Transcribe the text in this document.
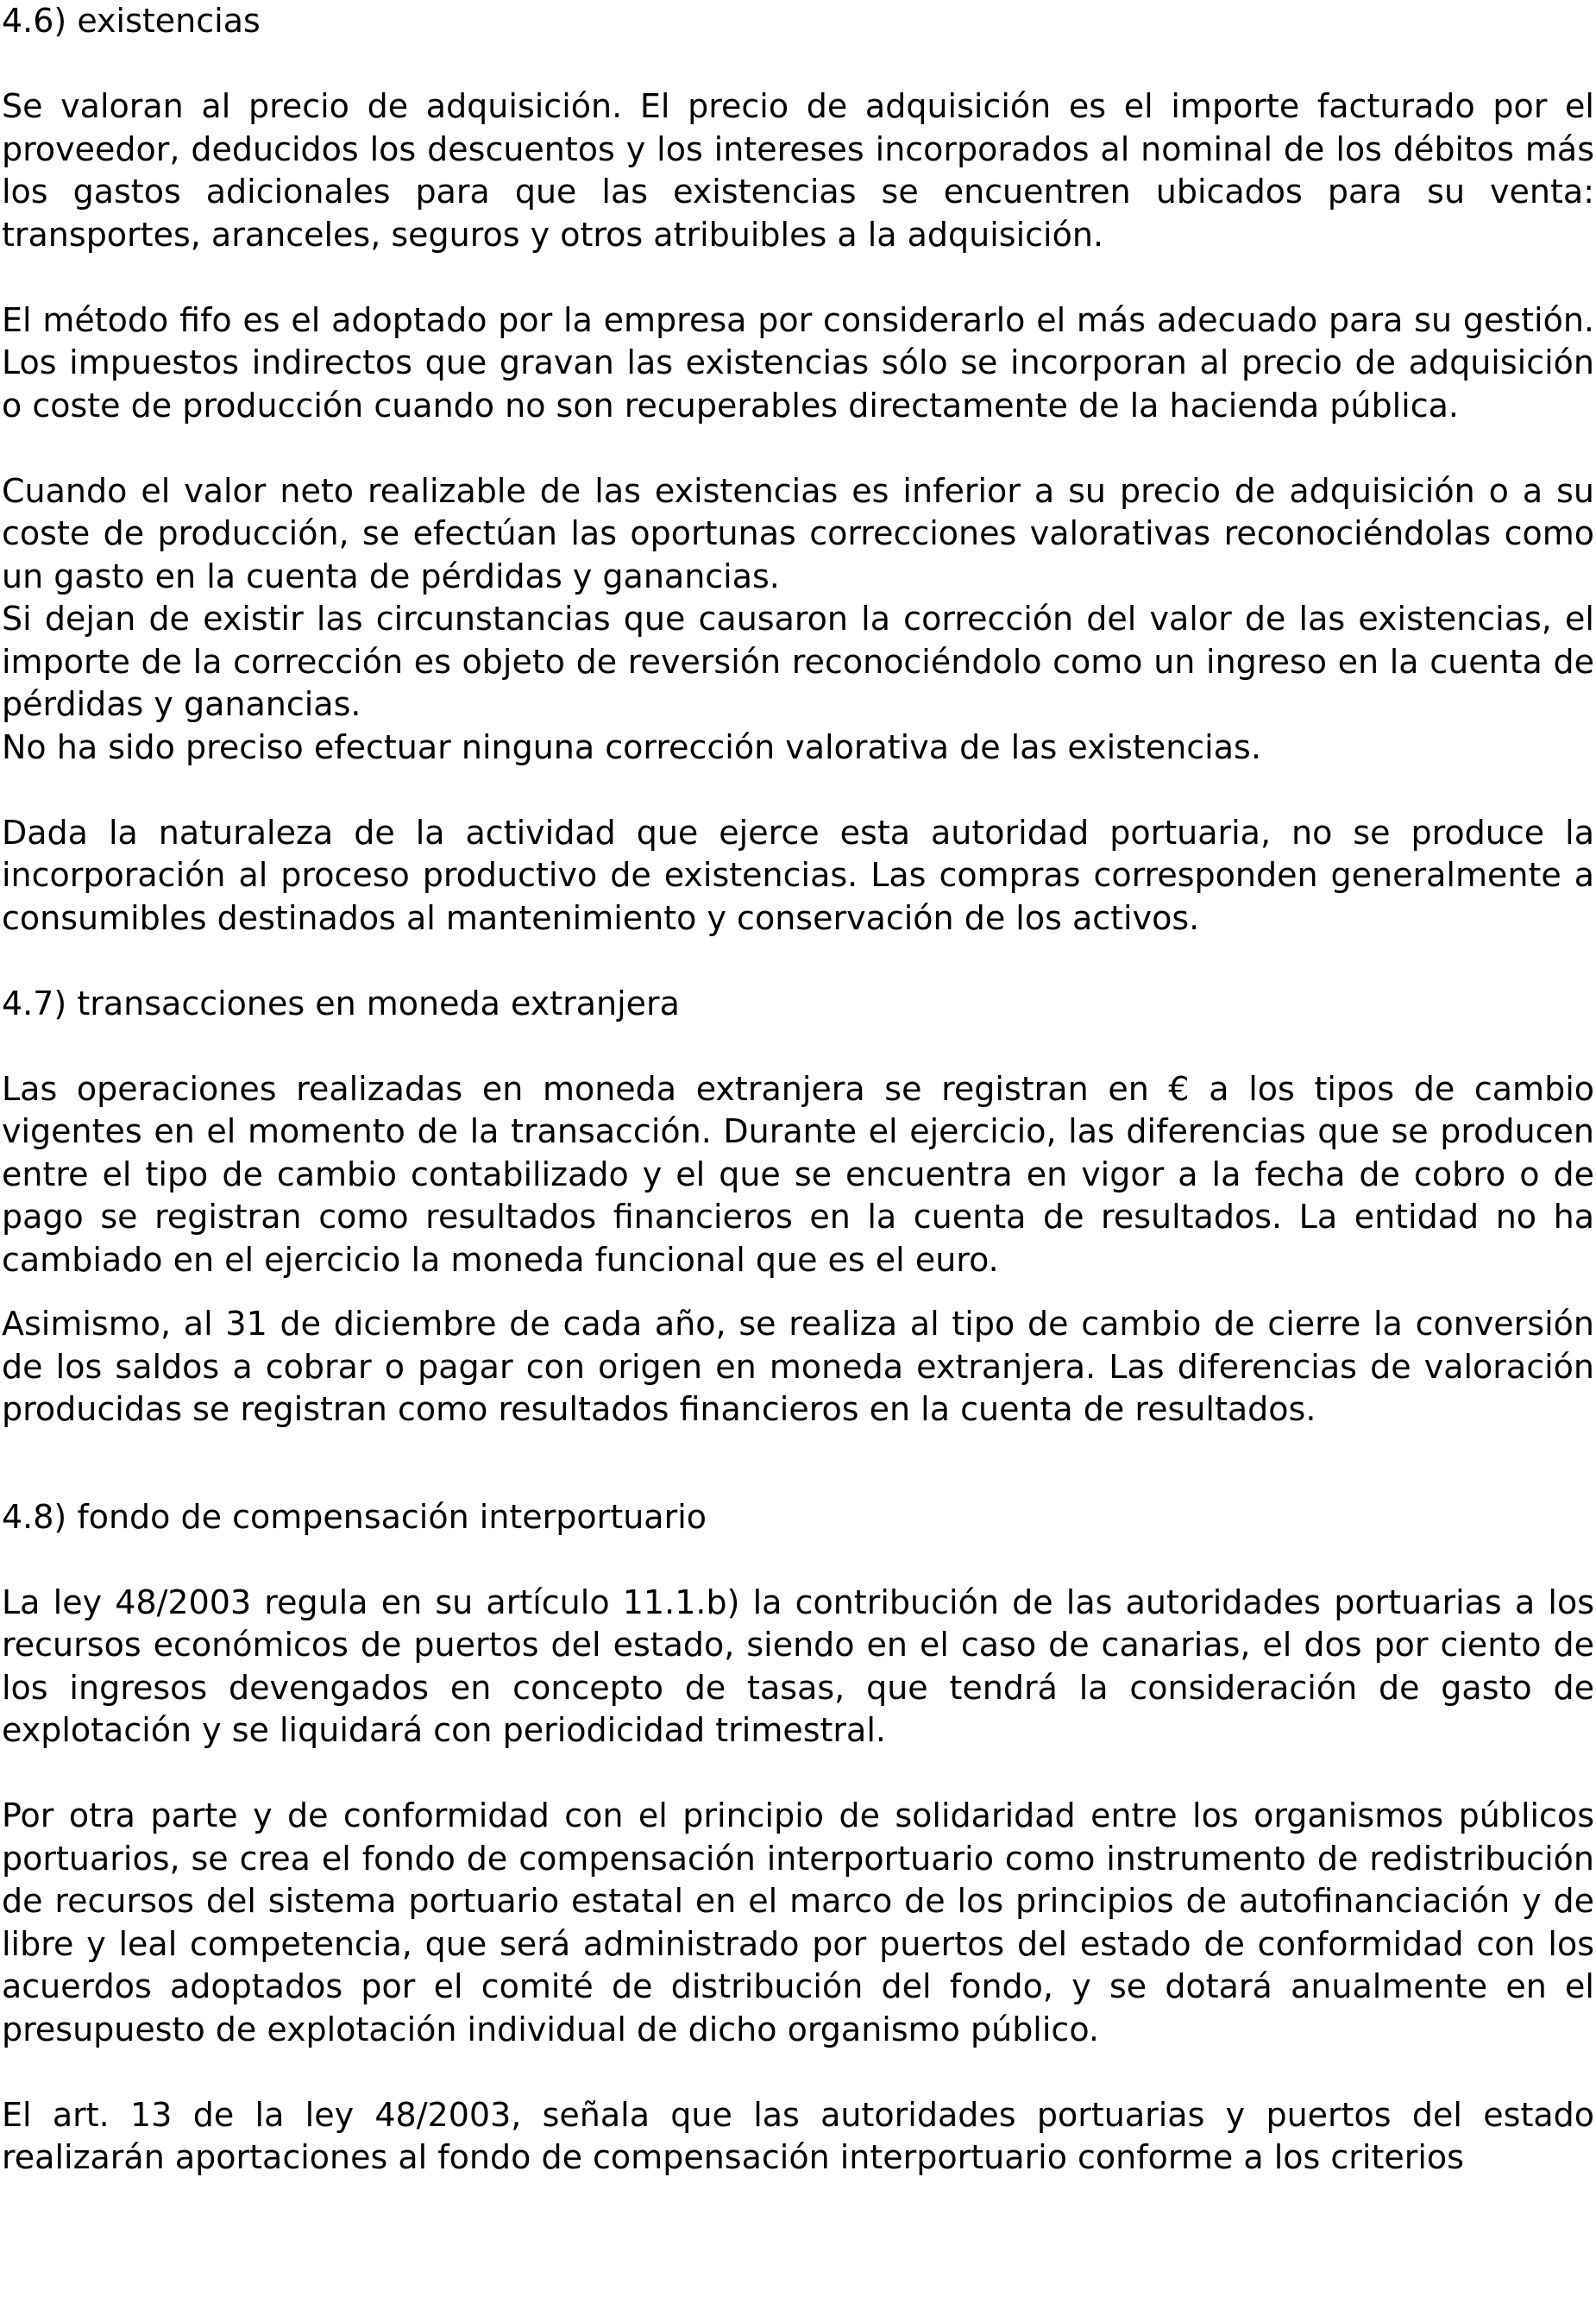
4.6) existencias

Se valoran al precio de adquisición. El precio de adquisición es el importe facturado por el proveedor, deducidos los descuentos y los intereses incorporados al nominal de los débitos más los gastos adicionales para que las existencias se encuentren ubicados para su venta: transportes, aranceles, seguros y otros atribuibles a la adquisición.

El método fifo es el adoptado por la empresa por considerarlo el más adecuado para su gestión. Los impuestos indirectos que gravan las existencias sólo se incorporan al precio de adquisición o coste de producción cuando no son recuperables directamente de la hacienda pública.

Cuando el valor neto realizable de las existencias es inferior a su precio de adquisición o a su coste de producción, se efectúan las oportunas correcciones valorativas reconociéndolas como un gasto en la cuenta de pérdidas y ganancias.

Si dejan de existir las circunstancias que causaron la corrección del valor de las existencias, el importe de la corrección es objeto de reversión reconociéndolo como un ingreso en la cuenta de pérdidas y ganancias.

No ha sido preciso efectuar ninguna corrección valorativa de las existencias.

Dada la naturaleza de la actividad que ejerce esta autoridad portuaria, no se produce la incorporación al proceso productivo de existencias. Las compras corresponden generalmente a consumibles destinados al mantenimiento y conservación de los activos.

4.7) transacciones en moneda extranjera

Las operaciones realizadas en moneda extranjera se registran en € a los tipos de cambio vigentes en el momento de la transacción. Durante el ejercicio, las diferencias que se producen entre el tipo de cambio contabilizado y el que se encuentra en vigor a la fecha de cobro o de pago se registran como resultados financieros en la cuenta de resultados. La entidad no ha cambiado en el ejercicio la moneda funcional que es el euro.

Asimismo, al 31 de diciembre de cada año, se realiza al tipo de cambio de cierre la conversión de los saldos a cobrar o pagar con origen en moneda extranjera. Las diferencias de valoración producidas se registran como resultados financieros en la cuenta de resultados.

4.8) fondo de compensación interportuario

La ley 48/2003 regula en su artículo 11.1.b) la contribución de las autoridades portuarias a los recursos económicos de puertos del estado, siendo en el caso de canarias, el dos por ciento de los ingresos devengados en concepto de tasas, que tendrá la consideración de gasto de explotación y se liquidará con periodicidad trimestral.

Por otra parte y de conformidad con el principio de solidaridad entre los organismos públicos portuarios, se crea el fondo de compensación interportuario como instrumento de redistribución de recursos del sistema portuario estatal en el marco de los principios de autofinanciación y de libre y leal competencia, que será administrado por puertos del estado de conformidad con los acuerdos adoptados por el comité de distribución del fondo, y se dotará anualmente en el presupuesto de explotación individual de dicho organismo público.

El art. 13 de la ley 48/2003, señala que las autoridades portuarias y puertos del estado realizarán aportaciones al fondo de compensación interportuario conforme a los criterios
